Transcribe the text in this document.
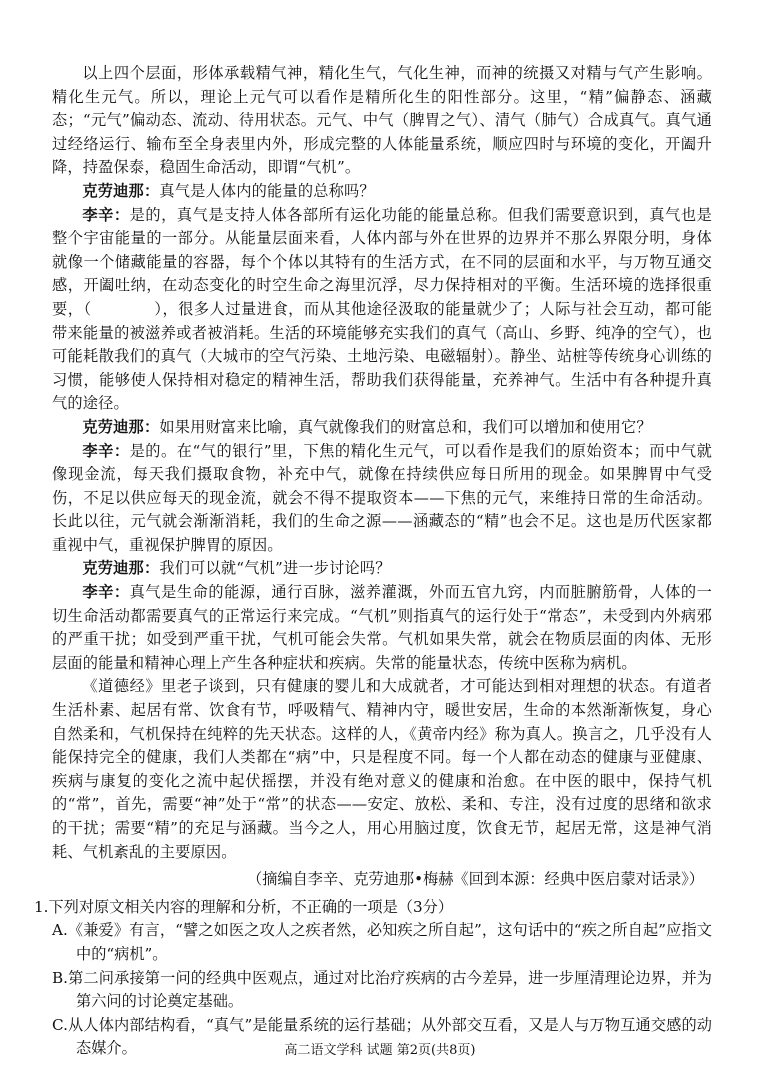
以上四个层面，形体承载精气神，精化生气，气化生神，而神的统摄又对精与气产生影响。精化生元气。所以，理论上元气可以看作是精所化生的阳性部分。这里，“精”偏静态、涵藏态；“元气”偏动态、流动、待用状态。元气、中气（脾胃之气）、清气（肺气）合成真气。真气通过经络运行、输布至全身表里内外，形成完整的人体能量系统，顺应四时与环境的变化，开阖升降，持盈保泰，稳固生命活动，即谓“气机”。

克劳迪那：真气是人体内的能量的总称吗？

李辛：是的，真气是支持人体各部所有运化功能的能量总称。但我们需要意识到，真气也是整个宇宙能量的一部分。从能量层面来看，人体内部与外在世界的边界并不那么界限分明，身体就像一个储藏能量的容器，每个个体以其特有的生活方式，在不同的层面和水平，与万物互通交感，开阖吐纳，在动态变化的时空生命之海里沉浮，尽力保持相对的平衡。生活环境的选择很重要，（　　　　），很多人过量进食，而从其他途径汲取的能量就少了；人际与社会互动，都可能带来能量的被滋养或者被消耗。生活的环境能够充实我们的真气（高山、乡野、纯净的空气），也可能耗散我们的真气（大城市的空气污染、土地污染、电磁辐射）。静坐、站桩等传统身心训练的习惯，能够使人保持相对稳定的精神生活，帮助我们获得能量，充养神气。生活中有各种提升真气的途径。

克劳迪那：如果用财富来比喻，真气就像我们的财富总和，我们可以增加和使用它？

李辛：是的。在“气的银行”里，下焦的精化生元气，可以看作是我们的原始资本；而中气就像现金流，每天我们摄取食物，补充中气，就像在持续供应每日所用的现金。如果脾胃中气受伤，不足以供应每天的现金流，就会不得不提取资本——下焦的元气，来维持日常的生命活动。长此以往，元气就会渐渐消耗，我们的生命之源——涵藏态的“精”也会不足。这也是历代医家都重视中气，重视保护脾胃的原因。

克劳迪那：我们可以就“气机”进一步讨论吗？

李辛：真气是生命的能源，通行百脉，滋养灌溉，外而五官九窍，内而脏腑筋骨，人体的一切生命活动都需要真气的正常运行来完成。“气机”则指真气的运行处于“常态”，未受到内外病邪的严重干扰；如受到严重干扰，气机可能会失常。气机如果失常，就会在物质层面的肉体、无形层面的能量和精神心理上产生各种症状和疾病。失常的能量状态，传统中医称为病机。

《道德经》里老子谈到，只有健康的婴儿和大成就者，才可能达到相对理想的状态。有道者生活朴素、起居有常、饮食有节，呼吸精气、精神内守，暖世安居，生命的本然渐渐恢复，身心自然柔和，气机保持在纯粹的先天状态。这样的人，《黄帝内经》称为真人。换言之，几乎没有人能保持完全的健康，我们人类都在“病”中，只是程度不同。每一个人都在动态的健康与亚健康、疾病与康复的变化之流中起伏摇摆，并没有绝对意义的健康和治愈。在中医的眼中，保持气机的“常”，首先，需要“神”处于“常”的状态——安定、放松、柔和、专注，没有过度的思绪和欲求的干扰；需要“精”的充足与涵藏。当今之人，用心用脑过度，饮食无节，起居无常，这是神气消耗、气机紊乱的主要原因。

（摘编自李辛、克劳迪那•梅赫《回到本源：经典中医启蒙对话录》）

1.下列对原文相关内容的理解和分析，不正确的一项是（3分）

A.《兼爱》有言，“譬之如医之攻人之疾者然，必知疾之所自起”，这句话中的“疾之所自起”应指文中的“病机”。

B.第二问承接第一问的经典中医观点，通过对比治疗疾病的古今差异，进一步厘清理论边界，并为第六问的讨论奠定基础。

C.从人体内部结构看，“真气”是能量系统的运行基础；从外部交互看，又是人与万物互通交感的动态媒介。	高二语文学科 试题 第2页(共8页)
